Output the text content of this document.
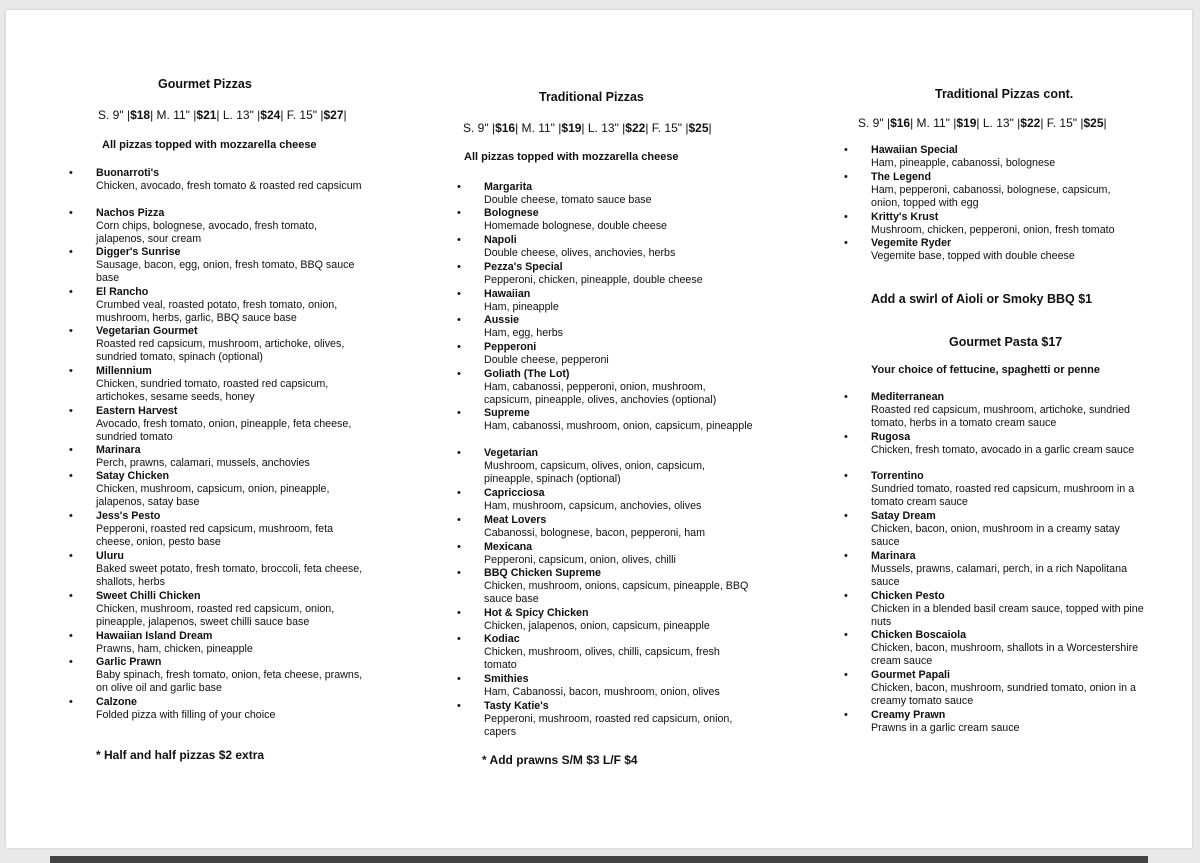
Gourmet Pizzas
S. 9" |$18| M. 11" |$21| L. 13" |$24| F. 15" |$27|
All pizzas topped with mozzarella cheese
• Buonarroti's
Chicken, avocado, fresh tomato & roasted red capsicum
• Nachos Pizza
Corn chips, bolognese, avocado, fresh tomato, jalapenos, sour cream
• Digger's Sunrise
Sausage, bacon, egg, onion, fresh tomato, BBQ sauce base
• El Rancho
Crumbed veal, roasted potato, fresh tomato, onion, mushroom, herbs, garlic, BBQ sauce base
• Vegetarian Gourmet
Roasted red capsicum, mushroom, artichoke, olives, sundried tomato, spinach (optional)
• Millennium
Chicken, sundried tomato, roasted red capsicum, artichokes, sesame seeds, honey
• Eastern Harvest
Avocado, fresh tomato, onion, pineapple, feta cheese, sundried tomato
• Marinara
Perch, prawns, calamari, mussels, anchovies
• Satay Chicken
Chicken, mushroom, capsicum, onion, pineapple, jalapenos, satay base
• Jess's Pesto
Pepperoni, roasted red capsicum, mushroom, feta cheese, onion, pesto base
• Uluru
Baked sweet potato, fresh tomato, broccoli, feta cheese, shallots, herbs
• Sweet Chilli Chicken
Chicken, mushroom, roasted red capsicum, onion, pineapple, jalapenos, sweet chilli sauce base
• Hawaiian Island Dream
Prawns, ham, chicken, pineapple
• Garlic Prawn
Baby spinach, fresh tomato, onion, feta cheese, prawns, on olive oil and garlic base
• Calzone
Folded pizza with filling of your choice
* Half and half pizzas $2 extra
Traditional Pizzas
S. 9" |$16| M. 11" |$19| L. 13" |$22| F. 15" |$25|
All pizzas topped with mozzarella cheese
• Margarita
Double cheese, tomato sauce base
• Bolognese
Homemade bolognese, double cheese
• Napoli
Double cheese, olives, anchovies, herbs
• Pezza's Special
Pepperoni, chicken, pineapple, double cheese
• Hawaiian
Ham, pineapple
• Aussie
Ham, egg, herbs
• Pepperoni
Double cheese, pepperoni
• Goliath (The Lot)
Ham, cabanossi, pepperoni, onion, mushroom, capsicum, pineapple, olives, anchovies (optional)
• Supreme
Ham, cabanossi, mushroom, onion, capsicum, pineapple
• Vegetarian
Mushroom, capsicum, olives, onion, capsicum, pineapple, spinach (optional)
• Capricciosa
Ham, mushroom, capsicum, anchovies, olives
• Meat Lovers
Cabanossi, bolognese, bacon, pepperoni, ham
• Mexicana
Pepperoni, capsicum, onion, olives, chilli
• BBQ Chicken Supreme
Chicken, mushroom, onions, capsicum, pineapple, BBQ sauce base
• Hot & Spicy Chicken
Chicken, jalapenos, onion, capsicum, pineapple
• Kodiac
Chicken, mushroom, olives, chilli, capsicum, fresh tomato
• Smithies
Ham, Cabanossi, bacon, mushroom, onion, olives
• Tasty Katie's
Pepperoni, mushroom, roasted red capsicum, onion, capers
* Add prawns S/M $3 L/F $4
Traditional Pizzas cont.
S. 9" |$16| M. 11" |$19| L. 13" |$22| F. 15" |$25|
• Hawaiian Special
Ham, pineapple, cabanossi, bolognese
• The Legend
Ham, pepperoni, cabanossi, bolognese, capsicum, onion, topped with egg
• Kritty's Krust
Mushroom, chicken, pepperoni, onion, fresh tomato
• Vegemite Ryder
Vegemite base, topped with double cheese
Add a swirl of Aioli or Smoky BBQ $1
Gourmet Pasta $17
Your choice of fettucine, spaghetti or penne
• Mediterranean
Roasted red capsicum, mushroom, artichoke, sundried tomato, herbs in a tomato cream sauce
• Rugosa
Chicken, fresh tomato, avocado in a garlic cream sauce
• Torrentino
Sundried tomato, roasted red capsicum, mushroom in a tomato cream sauce
• Satay Dream
Chicken, bacon, onion, mushroom in a creamy satay sauce
• Marinara
Mussels, prawns, calamari, perch, in a rich Napolitana sauce
• Chicken Pesto
Chicken in a blended basil cream sauce, topped with pine nuts
• Chicken Boscaiola
Chicken, bacon, mushroom, shallots in a Worcestershire cream sauce
• Gourmet Papali
Chicken, bacon, mushroom, sundried tomato, onion in a creamy tomato sauce
• Creamy Prawn
Prawns in a garlic cream sauce
